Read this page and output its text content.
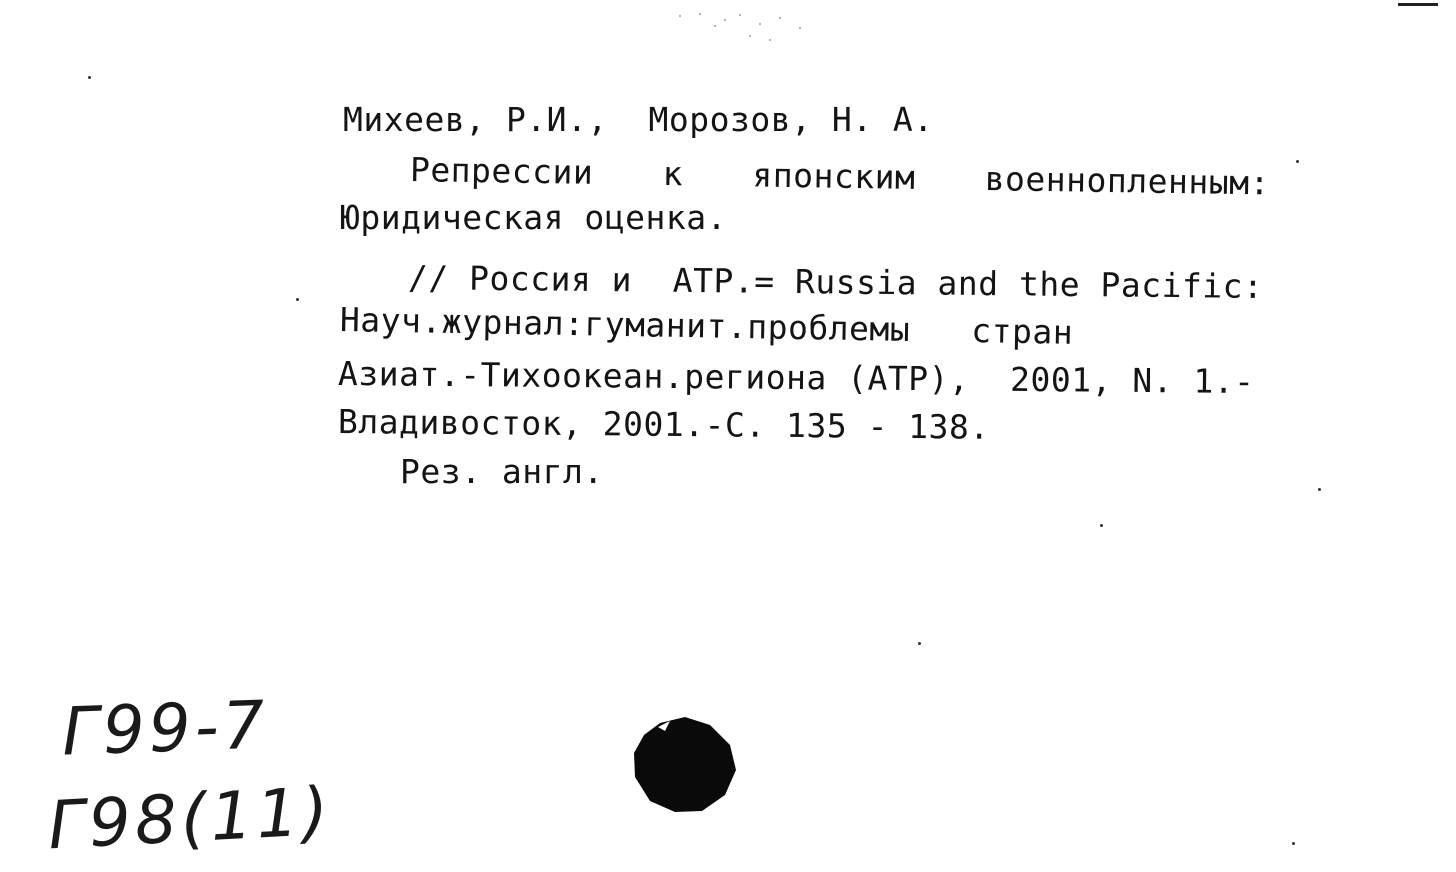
Михеев, Р.И.,  Морозов, Н. А.
Репрессии к японским военнопленным:
Юридическая оценка.
// Россия и  АТР.= Russia and the Pacific:
Науч.журнал:гуманит.проблемы   стран
Азиат.-Тихоокеан.региона (АТР),  2001, N. 1.-
Владивосток, 2001.-С. 135 - 138.
Рез. англ.
Г99-7
Г98(11)
